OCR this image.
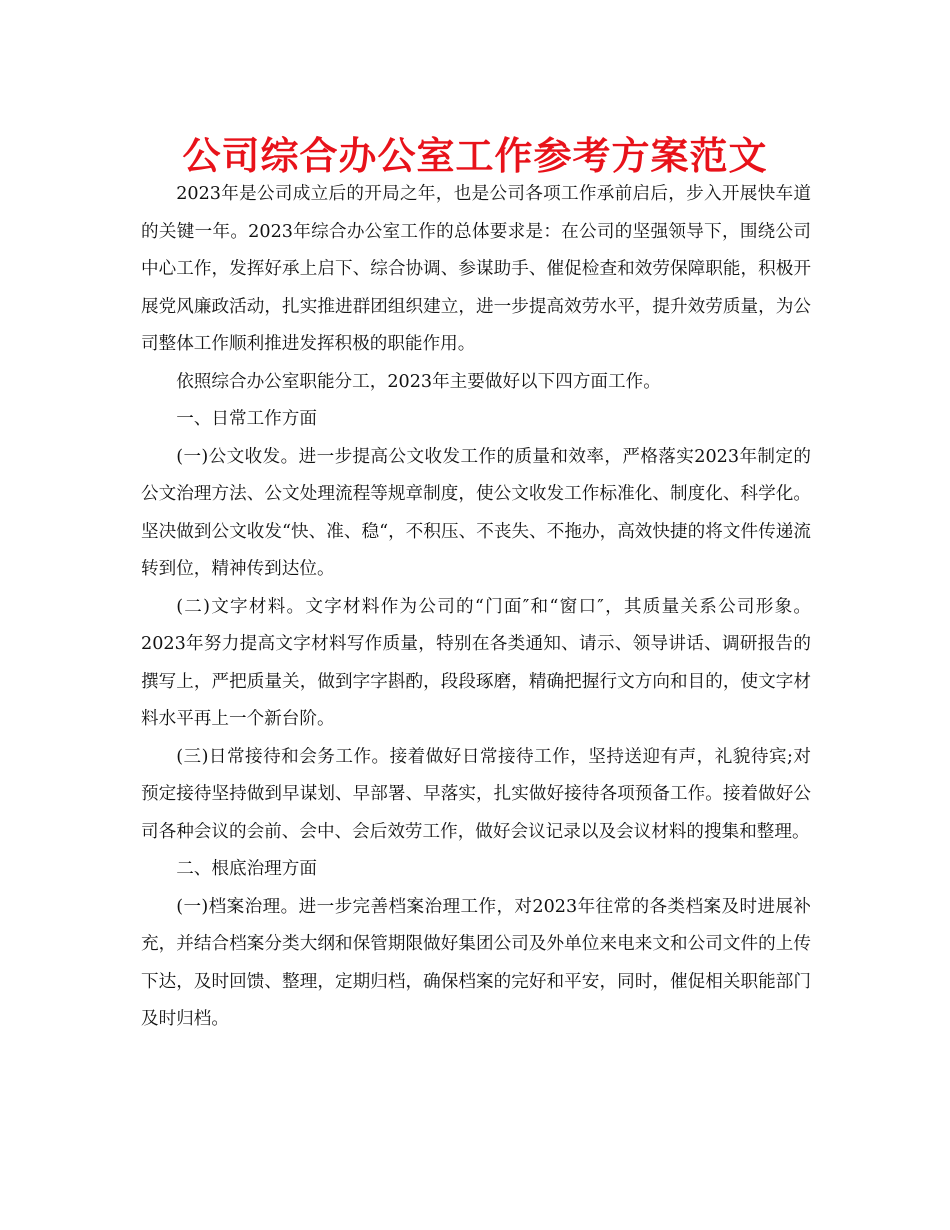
公司综合办公室工作参考方案范文

2023年是公司成立后的开局之年，也是公司各项工作承前启后，步入开展快车道的关键一年。2023年综合办公室工作的总体要求是：在公司的坚强领导下，围绕公司中心工作，发挥好承上启下、综合协调、参谋助手、催促检查和效劳保障职能，积极开展党风廉政活动，扎实推进群团组织建立，进一步提高效劳水平，提升效劳质量，为公司整体工作顺利推进发挥积极的职能作用。

依照综合办公室职能分工，2023年主要做好以下四方面工作。

一、日常工作方面

(一)公文收发。进一步提高公文收发工作的质量和效率，严格落实2023年制定的公文治理方法、公文处理流程等规章制度，使公文收发工作标准化、制度化、科学化。坚决做到公文收发“快、准、稳“，不积压、不丧失、不拖办，高效快捷的将文件传递流转到位，精神传到达位。

(二)文字材料。文字材料作为公司的“门面″和“窗口″，其质量关系公司形象。2023年努力提高文字材料写作质量，特别在各类通知、请示、领导讲话、调研报告的撰写上，严把质量关，做到字字斟酌，段段琢磨，精确把握行文方向和目的，使文字材料水平再上一个新台阶。

(三)日常接待和会务工作。接着做好日常接待工作，坚持送迎有声，礼貌待宾;对预定接待坚持做到早谋划、早部署、早落实，扎实做好接待各项预备工作。接着做好公司各种会议的会前、会中、会后效劳工作，做好会议记录以及会议材料的搜集和整理。

二、根底治理方面

(一)档案治理。进一步完善档案治理工作，对2023年往常的各类档案及时进展补充，并结合档案分类大纲和保管期限做好集团公司及外单位来电来文和公司文件的上传下达，及时回馈、整理，定期归档，确保档案的完好和平安，同时，催促相关职能部门及时归档。
